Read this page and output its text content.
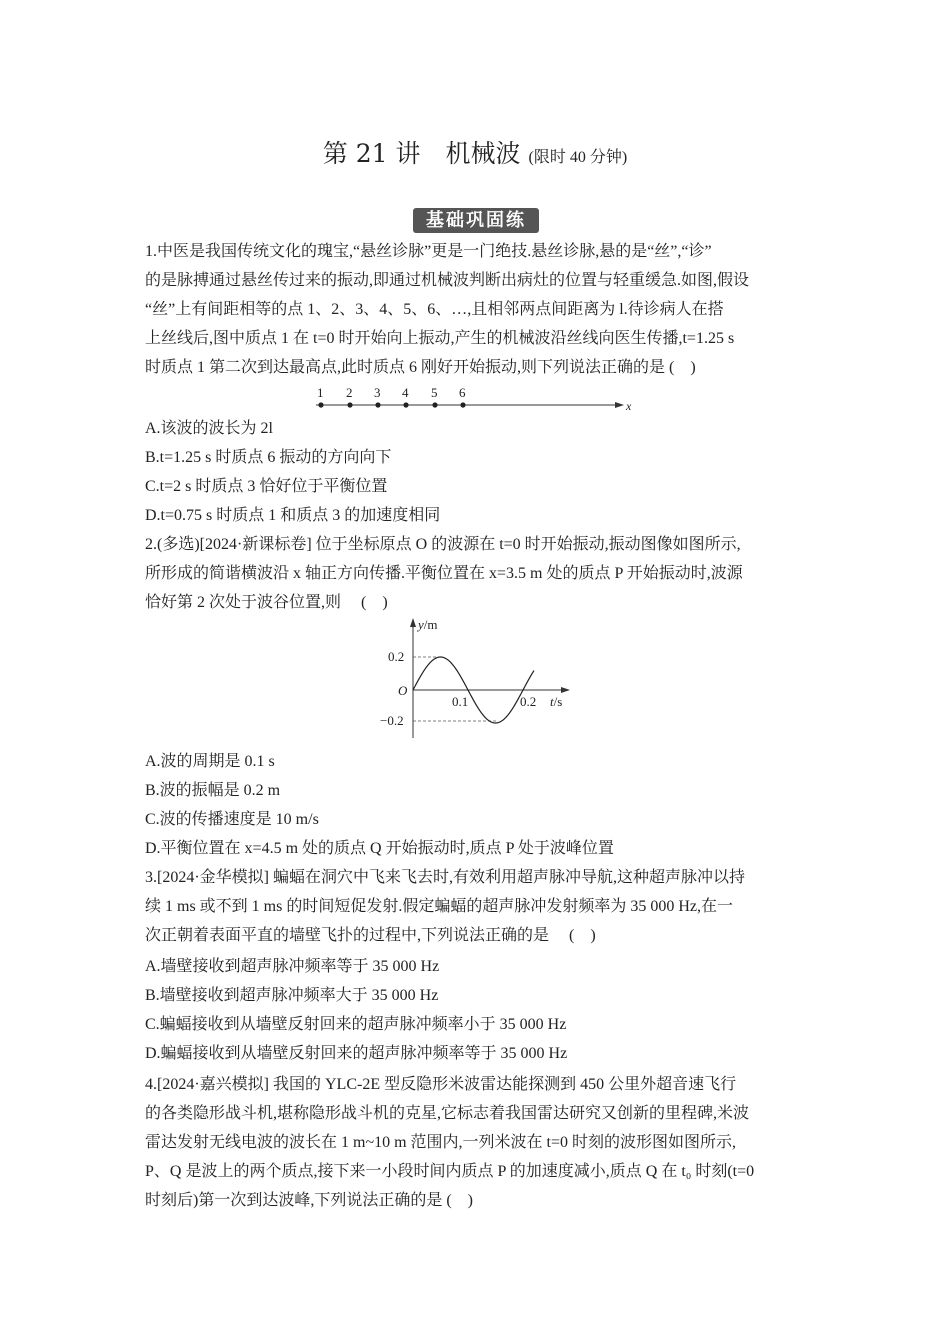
第 21 讲　机械波 (限时 40 分钟)
基础巩固练
1.中医是我国传统文化的瑰宝,“悬丝诊脉”更是一门绝技.悬丝诊脉,悬的是“丝”,“诊”
的是脉搏通过悬丝传过来的振动,即通过机械波判断出病灶的位置与轻重缓急.如图,假设
“丝”上有间距相等的点 1、2、3、4、5、6、…,且相邻两点间距离为 l.待诊病人在搭
上丝线后,图中质点 1 在 t=0 时开始向上振动,产生的机械波沿丝线向医生传播,t=1.25 s
时质点 1 第二次到达最高点,此时质点 6 刚好开始振动,则下列说法正确的是 (　)
1 2 3 4 5 6
x
A.该波的波长为 2l
B.t=1.25 s 时质点 6 振动的方向向下
C.t=2 s 时质点 3 恰好位于平衡位置
D.t=0.75 s 时质点 1 和质点 3 的加速度相同
2.(多选)[2024·新课标卷] 位于坐标原点 O 的波源在 t=0 时开始振动,振动图像如图所示,
所形成的简谐横波沿 x 轴正方向传播.平衡位置在 x=3.5 m 处的质点 P 开始振动时,波源
恰好第 2 次处于波谷位置,则　 (　)
y/m
0.2
−0.2
O
0.1	0.2 t/s
A.波的周期是 0.1 s
B.波的振幅是 0.2 m
C.波的传播速度是 10 m/s
D.平衡位置在 x=4.5 m 处的质点 Q 开始振动时,质点 P 处于波峰位置
3.[2024·金华模拟] 蝙蝠在洞穴中飞来飞去时,有效利用超声脉冲导航,这种超声脉冲以持
续 1 ms 或不到 1 ms 的时间短促发射.假定蝙蝠的超声脉冲发射频率为 35 000 Hz,在一
次正朝着表面平直的墙壁飞扑的过程中,下列说法正确的是　 (　)
A.墙壁接收到超声脉冲频率等于 35 000 Hz
B.墙壁接收到超声脉冲频率大于 35 000 Hz
C.蝙蝠接收到从墙壁反射回来的超声脉冲频率小于 35 000 Hz
D.蝙蝠接收到从墙壁反射回来的超声脉冲频率等于 35 000 Hz
4.[2024·嘉兴模拟] 我国的 YLC-2E 型反隐形米波雷达能探测到 450 公里外超音速飞行
的各类隐形战斗机,堪称隐形战斗机的克星,它标志着我国雷达研究又创新的里程碑,米波
雷达发射无线电波的波长在 1 m~10 m 范围内,一列米波在 t=0 时刻的波形图如图所示,
P、Q 是波上的两个质点,接下来一小段时间内质点 P 的加速度减小,质点 Q 在 t₀ 时刻(t=0
时刻后)第一次到达波峰,下列说法正确的是 (　)
